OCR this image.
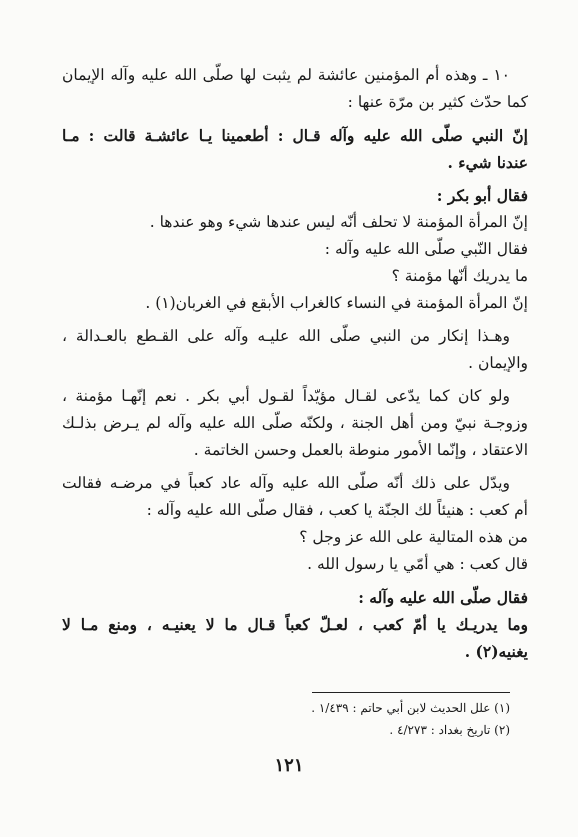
١٠ ـ وهذه أم المؤمنين عائشة لم يثبت لها صلّى الله عليه وآله الإيمان
كما حدّث كثير بن مرّة عنها :
إنّ النبي صلّى الله عليه وآله قـال : أطعمينا يـا عائشـة قالت : مـا
عندنا شيء .
فقال أبو بكر :
إنّ المرأة المؤمنة لا تحلف أنّه ليس عندها شيء وهو عندها .
فقال النّبي صلّى الله عليه وآله :
ما يدريك أنّها مؤمنة ؟
إنّ المرأة المؤمنة في النساء كالغراب الأبقع في الغربان(١) .
وهـذا إنكار من النبي صلّى الله عليـه وآله على القـطع بالعـدالة ،
والإيمان .
ولو كان كما يدّعى لقـال مؤيّداً لقـول أبي بكر . نعم إنّهـا مؤمنة ،
وزوجـة نبيّ ومن أهل الجنة ، ولكنّه صلّى الله عليه وآله لم يـرض بذلـك
الاعتقاد ، وإنّما الأمور منوطة بالعمل وحسن الخاتمة .
ويدّل على ذلك أنّه صلّى الله عليه وآله عاد كعباً في مرضـه فقالت
أم كعب : هنيئاً لك الجنّة يا كعب ، فقال صلّى الله عليه وآله :
من هذه المتالية على الله عز وجل ؟
قال كعب : هي أمّي يا رسول الله .
فقال صلّى الله عليه وآله :
وما يدريـك يا أمّ كعب ، لعـلّ كعباً قـال ما لا يعنيـه ، ومنع مـا لا
يغنيه(٢) .
(١) علل الحديث لابن أبي حاتم : ١/٤٣٩ .
(٢) تاريخ بغداد : ٤/٢٧٣ .
١٢١
